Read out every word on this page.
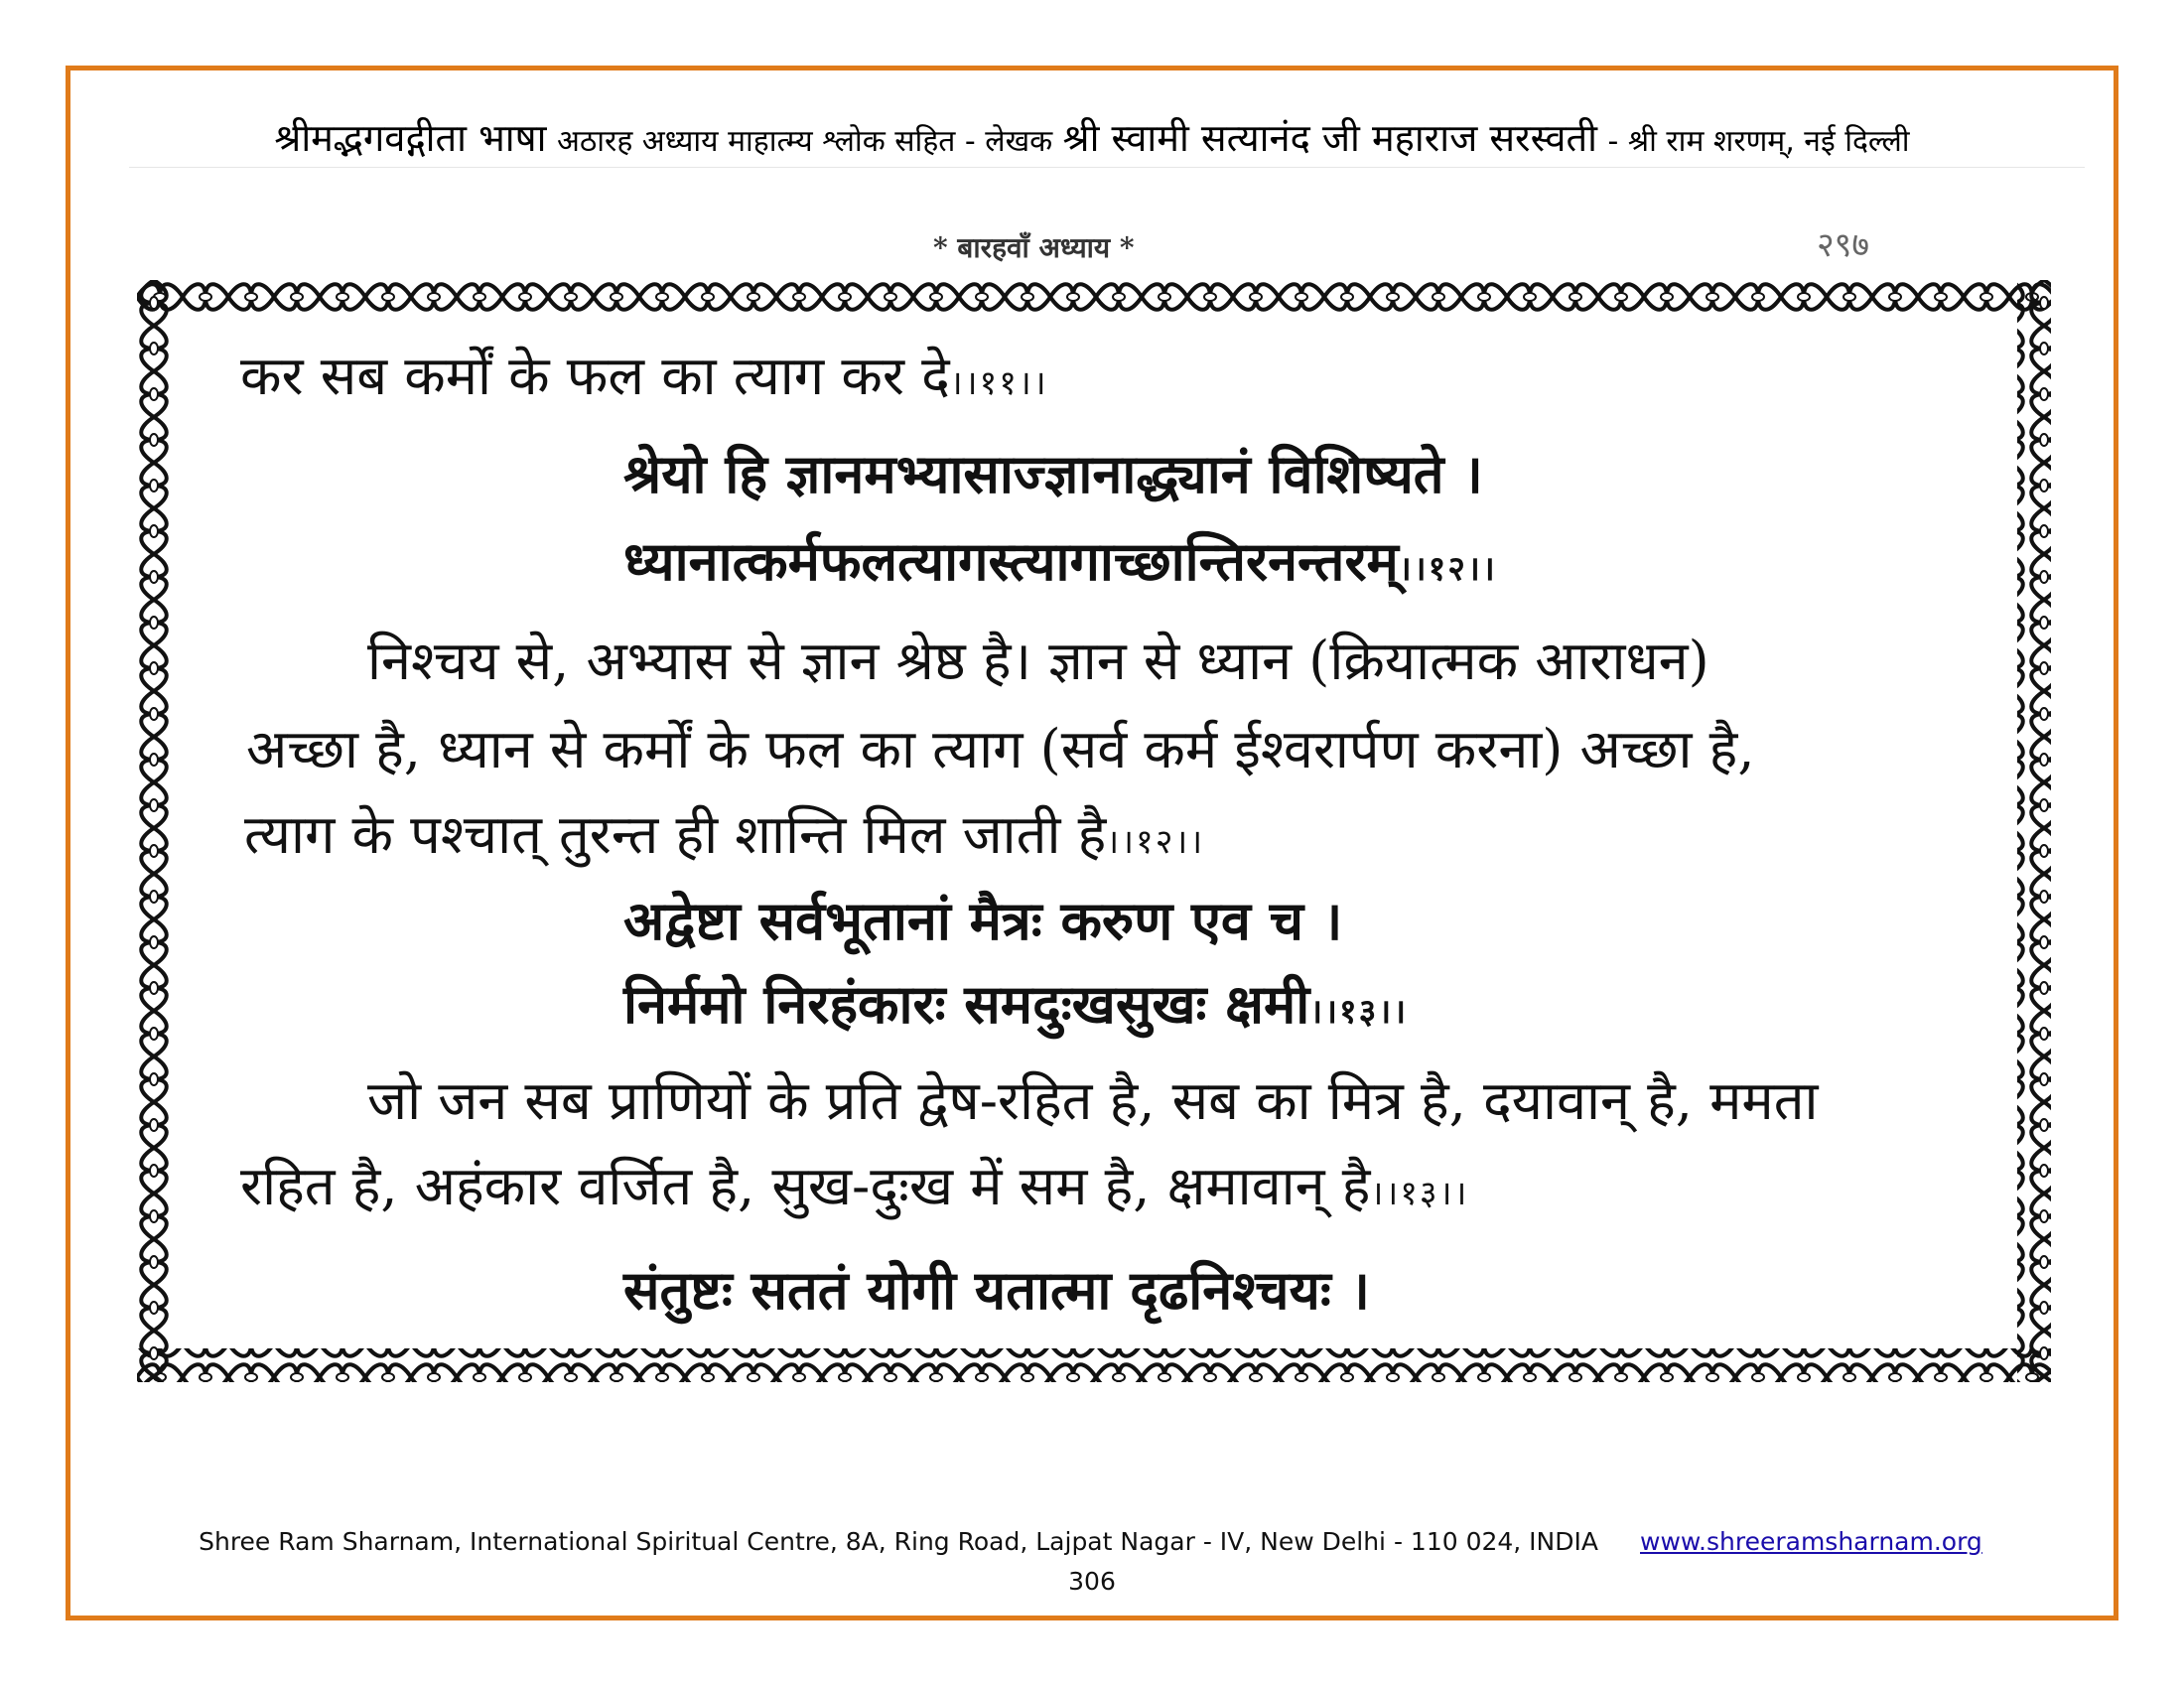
श्रीमद्भगवद्गीता भाषा अठारह अध्याय माहात्म्य श्लोक सहित - लेखक श्री स्वामी सत्यानंद जी महाराज सरस्वती - श्री राम शरणम्, नई दिल्ली
* बारहवाँ अध्याय *	२९७
कर सब कर्मों के फल का त्याग कर दे।।११।।
श्रेयो हि ज्ञानमभ्यासाज्ज्ञानाद्ध्यानं विशिष्यते ।
ध्यानात्कर्मफलत्यागस्त्यागाच्छान्तिरनन्तरम्।।१२।।
निश्चय से, अभ्यास से ज्ञान श्रेष्ठ है। ज्ञान से ध्यान (क्रियात्मक आराधन)
अच्छा है, ध्यान से कर्मों के फल का त्याग (सर्व कर्म ईश्वरार्पण करना) अच्छा है,
त्याग के पश्चात् तुरन्त ही शान्ति मिल जाती है।।१२।।
अद्वेष्टा सर्वभूतानां मैत्रः करुण एव च ।
निर्ममो निरहंकारः समदुःखसुखः क्षमी।।१३।।
जो जन सब प्राणियों के प्रति द्वेष-रहित है, सब का मित्र है, दयावान् है, ममता
रहित है, अहंकार वर्जित है, सुख-दुःख में सम है, क्षमावान् है।।१३।।
संतुष्टः सततं योगी यतात्मा दृढनिश्चयः ।
Shree Ram Sharnam, International Spiritual Centre, 8A, Ring Road, Lajpat Nagar - IV, New Delhi - 110 024, INDIA www.shreeramsharnam.org
306
